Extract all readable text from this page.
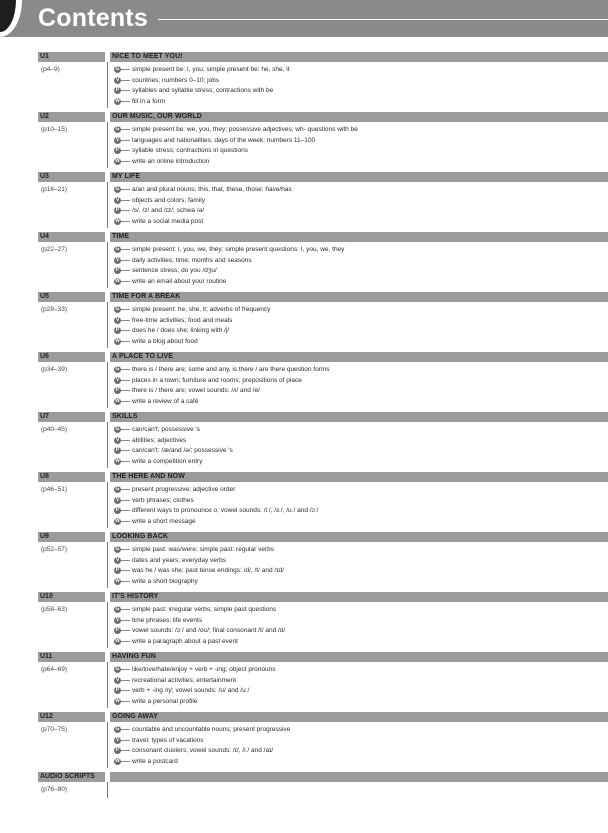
Contents
U1	NICE TO MEET YOU!
(p4–9)	G simple present be: I, you; simple present be: he, she, it
V countries; numbers 0–10; jobs
P syllables and syllable stress; contractions with be
W fill in a form
U2	OUR MUSIC, OUR WORLD
(p10–15)	G simple present be: we, you, they; possessive adjectives; wh- questions with be
V languages and nationalities; days of the week; numbers 11–100
P syllable stress; contractions in questions
W write an online introduction
U3	MY LIFE
(p16–21)	G a/an and plural nouns; this, that, these, those; have/has
V objects and colors; family
P /s/, /z/ and /ɪz/; schwa /ə/
W write a social media post
U4	TIME
(p22–27)	G simple present: I, you, we, they; simple present questions: I, you, we, they
V daily activities; time; months and seasons
P sentence stress; do you /dʒu/
W write an email about your routine
U5	TIME FOR A BREAK
(p28–33)	G simple present: he, she, it; adverbs of frequency
V free-time activities; food and meals
P does he / does she; linking with /j/
W write a blog about food
U6	A PLACE TO LIVE
(p34–39)	G there is / there are; some and any, is there / are there question forms
V places in a town; furniture and rooms; prepositions of place
P there is / there are; vowel sounds: /ʌ/ and /e/
W write a review of a café
U7	SKILLS
(p40–45)	G can/can't; possessive 's
V abilities; adjectives
P can/can't: /æ/and /ə/; possessive 's
W write a competition entry
U8	THE HERE AND NOW
(p46–51)	G present progressive; adjective order
V verb phrases; clothes
P different ways to pronounce o; vowel sounds: /iː/, /ɜː/, /uː/ and /ɔː/
W write a short message
U9	LOOKING BACK
(p52–57)	G simple past: was/were; simple past: regular verbs
V dates and years; everyday verbs
P was he / was she; past tense endings: /d/, /t/ and /ɪd/
W write a short biography
U10	IT'S HISTORY
(p58–63)	G simple past: irregular verbs; simple past questions
V time phrases; life events
P vowel sounds: /ɔː/ and /oʊ/; final consonant /t/ and /d/
W write a paragraph about a past event
U11	HAVING FUN
(p64–69)	G like/love/hate/enjoy + verb + -ing; object pronouns
V recreational activities; entertainment
P verb + -ing /ŋ/; vowel sounds: /ʊ/ and /uː/
W write a personal profile
U12	GOING AWAY
(p70–75)	G countable and uncountable nouns; present progressive
V travel; types of vacations
P consonant clusters; vowel sounds: /ɪ/, /iː/ and /aɪ/
W write a postcard
AUDIO SCRIPTS
(p76–80)
